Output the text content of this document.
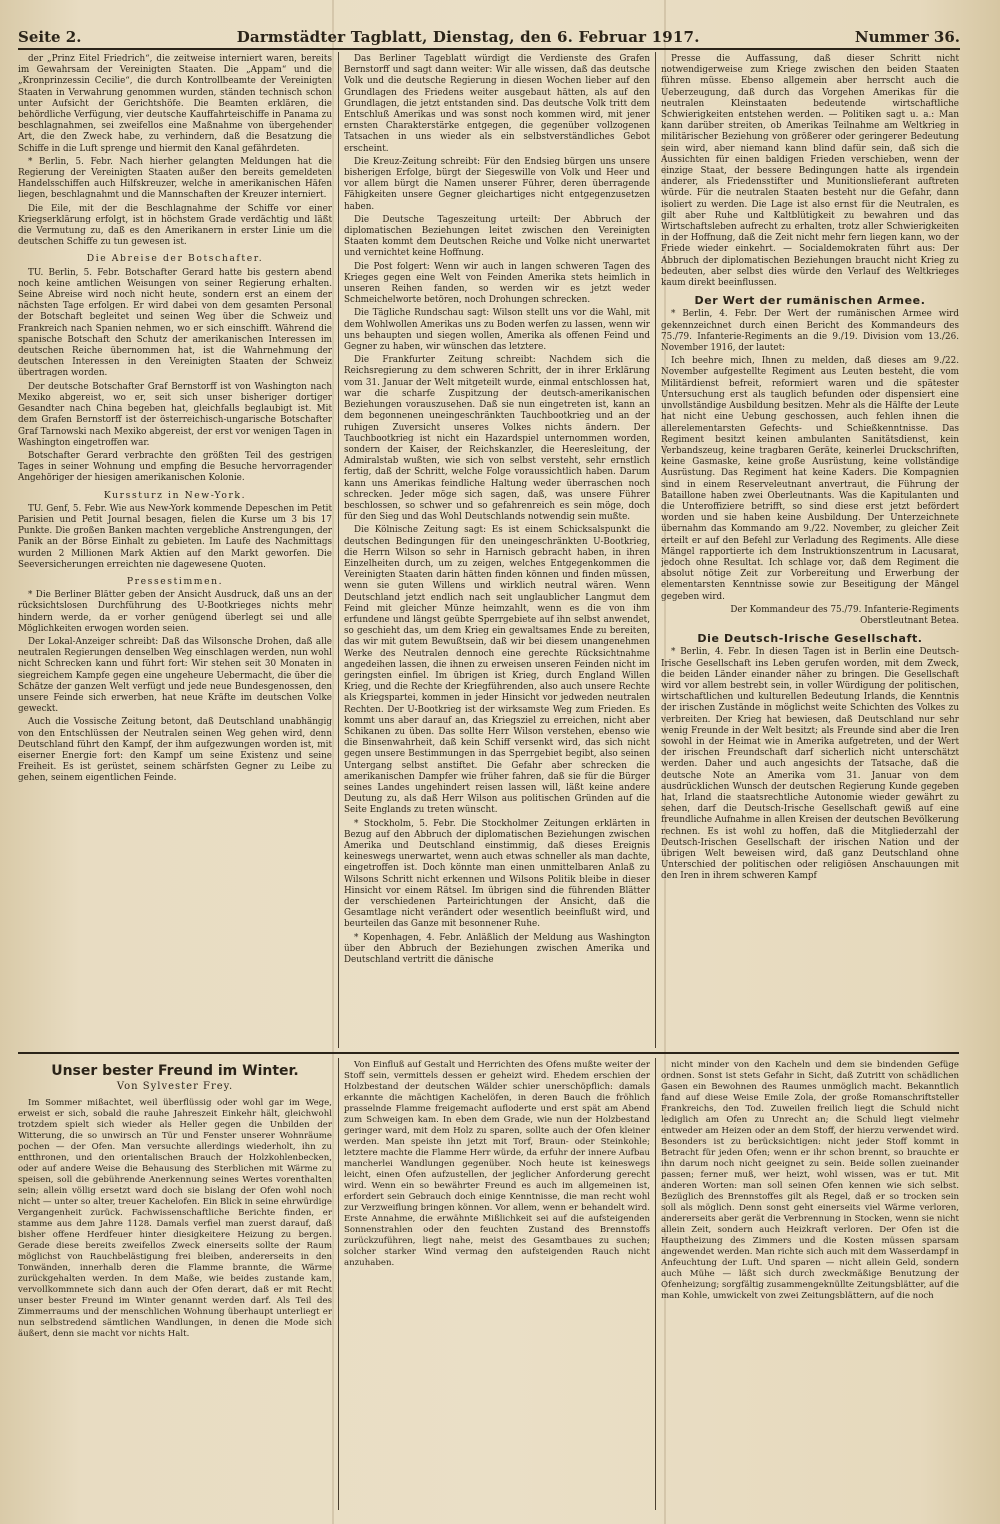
Seite 2.	Darmstädter Tagblatt, Dienstag, den 6. Februar 1917.	Nummer 36.

der „Prinz Eitel Friedrich“, die zeitweise interniert waren, bereits im Gewahrsam der Vereinigten Staaten. Die „Appam“ und die „Kronprinzessin Cecilie“, die durch Kontrollbeamte der Vereinigten Staaten in Verwahrung genommen wurden, ständen technisch schon unter Aufsicht der Gerichtshöfe. Die Beamten erklären, die behördliche Verfügung, vier deutsche Kauffahrteischiffe in Panama zu beschlagnahmen, sei zweifellos eine Maßnahme von übergehender Art, die den Zweck habe, zu verhindern, daß die Besatzung die Schiffe in die Luft sprenge und hiermit den Kanal gefährdeten.

* Berlin, 5. Febr. Nach hierher gelangten Meldungen hat die Regierung der Vereinigten Staaten außer den bereits gemeldeten Handelsschiffen auch Hilfskreuzer, welche in amerikanischen Häfen liegen, beschlagnahmt und die Mannschaften der Kreuzer interniert.

Die Eile, mit der die Beschlagnahme der Schiffe vor einer Kriegserklärung erfolgt, ist in höchstem Grade verdächtig und läßt die Vermutung zu, daß es den Amerikanern in erster Linie um die deutschen Schiffe zu tun gewesen ist.

Die Abreise der Botschafter.

TU. Berlin, 5. Febr. Botschafter Gerard hatte bis gestern abend noch keine amtlichen Weisungen von seiner Regierung erhalten. Seine Abreise wird noch nicht heute, sondern erst an einem der nächsten Tage erfolgen. Er wird dabei von dem gesamten Personal der Botschaft begleitet und seinen Weg über die Schweiz und Frankreich nach Spanien nehmen, wo er sich einschifft. Während die spanische Botschaft den Schutz der amerikanischen Interessen im deutschen Reiche übernommen hat, ist die Wahrnehmung der deutschen Interessen in den Vereinigten Staaten der Schweiz übertragen worden.

Der deutsche Botschafter Graf Bernstorff ist von Washington nach Mexiko abgereist, wo er, seit sich unser bisheriger dortiger Gesandter nach China begeben hat, gleichfalls beglaubigt ist. Mit dem Grafen Bernstorff ist der österreichisch-ungarische Botschafter Graf Tarnowski nach Mexiko abgereist, der erst vor wenigen Tagen in Washington eingetroffen war.

Botschafter Gerard verbrachte den größten Teil des gestrigen Tages in seiner Wohnung und empfing die Besuche hervorragender Angehöriger der hiesigen amerikanischen Kolonie.

Kurssturz in New-York.

TU. Genf, 5. Febr. Wie aus New-York kommende Depeschen im Petit Parisien und Petit Journal besagen, fielen die Kurse um 3 bis 17 Punkte. Die großen Banken machten vergebliche Anstrengungen, der Panik an der Börse Einhalt zu gebieten. Im Laufe des Nachmittags wurden 2 Millionen Mark Aktien auf den Markt geworfen. Die Seeversicherungen erreichten nie dagewesene Quoten.

Pressestimmen.

* Die Berliner Blätter geben der Ansicht Ausdruck, daß uns an der rücksichtslosen Durchführung des U-Bootkrieges nichts mehr hindern werde, da er vorher genügend überlegt sei und alle Möglichkeiten erwogen worden seien.

Der Lokal-Anzeiger schreibt: Daß das Wilsonsche Drohen, daß alle neutralen Regierungen denselben Weg einschlagen werden, nun wohl nicht Schrecken kann und führt fort: Wir stehen seit 30 Monaten in siegreichem Kampfe gegen eine ungeheure Uebermacht, die über die Schätze der ganzen Welt verfügt und jede neue Bundesgenossen, den unsere Feinde sich erwerben, hat neue Kräfte im deutschen Volke geweckt.

Auch die Vossische Zeitung betont, daß Deutschland unabhängig von den Entschlüssen der Neutralen seinen Weg gehen wird, denn Deutschland führt den Kampf, der ihm aufgezwungen worden ist, mit eiserner Energie fort: den Kampf um seine Existenz und seine Freiheit. Es ist gerüstet, seinem schärfsten Gegner zu Leibe zu gehen, seinem eigentlichen Feinde.

Das Berliner Tageblatt würdigt die Verdienste des Grafen Bernstorff und sagt dann weiter: Wir alle wissen, daß das deutsche Volk und die deutsche Regierung in diesen Wochen lieber auf den Grundlagen des Friedens weiter ausgebaut hätten, als auf den Grundlagen, die jetzt entstanden sind. Das deutsche Volk tritt dem Entschluß Amerikas und was sonst noch kommen wird, mit jener ernsten Charakterstärke entgegen, die gegenüber vollzogenen Tatsachen in uns wieder als ein selbstverständliches Gebot erscheint.

Die Kreuz-Zeitung schreibt: Für den Endsieg bürgen uns unsere bisherigen Erfolge, bürgt der Siegeswille von Volk und Heer und vor allem bürgt die Namen unserer Führer, deren überragende Fähigkeiten unsere Gegner gleichartiges nicht entgegenzusetzen haben.

Die Deutsche Tageszeitung urteilt: Der Abbruch der diplomatischen Beziehungen leitet zwischen den Vereinigten Staaten kommt dem Deutschen Reiche und Volke nicht unerwartet und vernichtet keine Hoffnung.

Die Post folgert: Wenn wir auch in langen schweren Tagen des Krieges gegen eine Welt von Feinden Amerika stets heimlich in unseren Reihen fanden, so werden wir es jetzt weder Schmeichelworte betören, noch Drohungen schrecken.

Die Tägliche Rundschau sagt: Wilson stellt uns vor die Wahl, mit dem Wohlwollen Amerikas uns zu Boden werfen zu lassen, wenn wir uns behaupten und siegen wollen, Amerika als offenen Feind und Gegner zu haben, wir wünschen das letztere.

Die Frankfurter Zeitung schreibt: Nachdem sich die Reichsregierung zu dem schweren Schritt, der in ihrer Erklärung vom 31. Januar der Welt mitgeteilt wurde, einmal entschlossen hat, war die scharfe Zuspitzung der deutsch-amerikanischen Beziehungen vorauszusehen. Daß sie nun eingetreten ist, kann an dem begonnenen uneingeschränkten Tauchbootkrieg und an der ruhigen Zuversicht unseres Volkes nichts ändern. Der Tauchbootkrieg ist nicht ein Hazardspiel unternommen worden, sondern der Kaiser, der Reichskanzler, die Heeresleitung, der Admiralstab wußten, wie sich von selbst versteht, sehr ernstlich fertig, daß der Schritt, welche Folge voraussichtlich haben. Darum kann uns Amerikas feindliche Haltung weder überraschen noch schrecken. Jeder möge sich sagen, daß, was unsere Führer beschlossen, so schwer und so gefahrenreich es sein möge, doch für den Sieg und das Wohl Deutschlands notwendig sein mußte.

Die Kölnische Zeitung sagt: Es ist einem Schicksalspunkt die deutschen Bedingungen für den uneingeschränkten U-Bootkrieg, die Herrn Wilson so sehr in Harnisch gebracht haben, in ihren Einzelheiten durch, um zu zeigen, welches Entgegenkommen die Vereinigten Staaten darin hätten finden können und finden müssen, wenn sie guten Willens und wirklich neutral wären. Wenn Deutschland jetzt endlich nach seit unglaublicher Langmut dem Feind mit gleicher Münze heimzahlt, wenn es die von ihm erfundene und längst geübte Sperrgebiete auf ihn selbst anwendet, so geschieht das, um dem Krieg ein gewaltsames Ende zu bereiten, das wir mit gutem Bewußtsein, daß wir bei diesem unangenehmen Werke des Neutralen dennoch eine gerechte Rücksichtnahme angedeihen lassen, die ihnen zu erweisen unseren Feinden nicht im geringsten einfiel. Im übrigen ist Krieg, durch England Willen Krieg, und die Rechte der Kriegführenden, also auch unsere Rechte als Kriegspartei, kommen in jeder Hinsicht vor jedweden neutralen Rechten. Der U-Bootkrieg ist der wirksamste Weg zum Frieden. Es kommt uns aber darauf an, das Kriegsziel zu erreichen, nicht aber Schikanen zu üben. Das sollte Herr Wilson verstehen, ebenso wie die Binsenwahrheit, daß kein Schiff versenkt wird, das sich nicht gegen unsere Bestimmungen in das Sperrgebiet begibt, also seinen Untergang selbst anstiftet. Die Gefahr aber schrecken die amerikanischen Dampfer wie früher fahren, daß sie für die Bürger seines Landes ungehindert reisen lassen will, läßt keine andere Deutung zu, als daß Herr Wilson aus politischen Gründen auf die Seite Englands zu treten wünscht.

* Stockholm, 5. Febr. Die Stockholmer Zeitungen erklärten in Bezug auf den Abbruch der diplomatischen Beziehungen zwischen Amerika und Deutschland einstimmig, daß dieses Ereignis keineswegs unerwartet, wenn auch etwas schneller als man dachte, eingetroffen ist. Doch könnte man einen unmittelbaren Anlaß zu Wilsons Schritt nicht erkennen und Wilsons Politik bleibe in dieser Hinsicht vor einem Rätsel. Im übrigen sind die führenden Blätter der verschiedenen Parteirichtungen der Ansicht, daß die Gesamtlage nicht verändert oder wesentlich beeinflußt wird, und beurteilen das Ganze mit besonnener Ruhe.

* Kopenhagen, 4. Febr. Anläßlich der Meldung aus Washington über den Abbruch der Beziehungen zwischen Amerika und Deutschland vertritt die dänische

Presse die Auffassung, daß dieser Schritt nicht notwendigerweise zum Kriege zwischen den beiden Staaten führen müsse. Ebenso allgemein aber herrscht auch die Ueberzeugung, daß durch das Vorgehen Amerikas für die neutralen Kleinstaaten bedeutende wirtschaftliche Schwierigkeiten entstehen werden. — Politiken sagt u. a.: Man kann darüber streiten, ob Amerikas Teilnahme am Weltkrieg in militärischer Beziehung von größerer oder geringerer Bedeutung sein wird, aber niemand kann blind dafür sein, daß sich die Aussichten für einen baldigen Frieden verschieben, wenn der einzige Staat, der bessere Bedingungen hatte als irgendein anderer, als Friedensstifter und Munitionslieferant auftreten würde. Für die neutralen Staaten besteht nur die Gefahr, dann isoliert zu werden. Die Lage ist also ernst für die Neutralen, es gilt aber Ruhe und Kaltblütigkeit zu bewahren und das Wirtschaftsleben aufrecht zu erhalten, trotz aller Schwierigkeiten in der Hoffnung, daß die Zeit nicht mehr fern liegen kann, wo der Friede wieder einkehrt. — Socialdemokraten führt aus: Der Abbruch der diplomatischen Beziehungen braucht nicht Krieg zu bedeuten, aber selbst dies würde den Verlauf des Weltkrieges kaum direkt beeinflussen.

Der Wert der rumänischen Armee.

* Berlin, 4. Febr. Der Wert der rumänischen Armee wird gekennzeichnet durch einen Bericht des Kommandeurs des 75./79. Infanterie-Regiments an die 9./19. Division vom 13./26. November 1916, der lautet:

Ich beehre mich, Ihnen zu melden, daß dieses am 9./22. November aufgestellte Regiment aus Leuten besteht, die vom Militärdienst befreit, reformiert waren und die spätester Untersuchung erst als tauglich befunden oder dispensiert eine unvollständige Ausbildung besitzen. Mehr als die Hälfte der Leute hat nicht eine Uebung geschossen, auch fehlen ihnen die allerelementarsten Gefechts- und Schießkenntnisse. Das Regiment besitzt keinen ambulanten Sanitätsdienst, kein Verbandszeug, keine tragbaren Geräte, keinerlei Druckschriften, keine Gasmaske, keine große Ausrüstung, keine vollständige Ausrüstung. Das Regiment hat keine Kaders. Die Kompagnien sind in einem Reserveleutnant anvertraut, die Führung der Bataillone haben zwei Oberleutnants. Was die Kapitulanten und die Unteroffiziere betrifft, so sind diese erst jetzt befördert worden und sie haben keine Ausbildung. Der Unterzeichnete übernahm das Kommando am 9./22. November, zu gleicher Zeit erteilt er auf den Befehl zur Verladung des Regiments. Alle diese Mängel rapportierte ich dem Instruktionszentrum in Lacusarat, jedoch ohne Resultat. Ich schlage vor, daß dem Regiment die absolut nötige Zeit zur Vorbereitung und Erwerbung der elementarsten Kenntnisse sowie zur Beseitigung der Mängel gegeben wird.

Der Kommandeur des 75./79. Infanterie-Regiments Oberstleutnant Betea.

Die Deutsch-Irische Gesellschaft.

* Berlin, 4. Febr. In diesen Tagen ist in Berlin eine Deutsch-Irische Gesellschaft ins Leben gerufen worden, mit dem Zweck, die beiden Länder einander näher zu bringen. Die Gesellschaft wird vor allem bestrebt sein, in voller Würdigung der politischen, wirtschaftlichen und kulturellen Bedeutung Irlands, die Kenntnis der irischen Zustände in möglichst weite Schichten des Volkes zu verbreiten. Der Krieg hat bewiesen, daß Deutschland nur sehr wenig Freunde in der Welt besitzt; als Freunde sind aber die Iren sowohl in der Heimat wie in Amerika aufgetreten, und der Wert der irischen Freundschaft darf sicherlich nicht unterschätzt werden. Daher und auch angesichts der Tatsache, daß die deutsche Note an Amerika vom 31. Januar von dem ausdrücklichen Wunsch der deutschen Regierung Kunde gegeben hat, Irland die staatsrechtliche Autonomie wieder gewährt zu sehen, darf die Deutsch-Irische Gesellschaft gewiß auf eine freundliche Aufnahme in allen Kreisen der deutschen Bevölkerung rechnen. Es ist wohl zu hoffen, daß die Mitgliederzahl der Deutsch-Irischen Gesellschaft der irischen Nation und der übrigen Welt beweisen wird, daß ganz Deutschland ohne Unterschied der politischen oder religiösen Anschauungen mit den Iren in ihrem schweren Kampf

Unser bester Freund im Winter.
Von Sylvester Frey.

Im Sommer mißachtet, weil überflüssig oder wohl gar im Wege, erweist er sich, sobald die rauhe Jahreszeit Einkehr hält, gleichwohl trotzdem spielt sich wieder als Heller gegen die Unbilden der Witterung, die so unwirsch an Tür und Fenster unserer Wohnräume pochen — der Ofen. Man versuchte allerdings wiederholt, ihn zu entthronen, und den orientalischen Brauch der Holzkohlenbecken, oder auf andere Weise die Behausung des Sterblichen mit Wärme zu speisen, soll die gebührende Anerkennung seines Wertes vorenthalten sein; allein völlig ersetzt ward doch sie bislang der Ofen wohl noch nicht — unter so alter, treuer Kachelofen. Ein Blick in seine ehrwürdige Vergangenheit zurück. Fachwissenschaftliche Berichte finden, er stamme aus dem Jahre 1128. Damals verfiel man zuerst darauf, daß bisher offene Herdfeuer hinter diesigkeitere Heizung zu bergen. Gerade diese bereits zweifellos Zweck einerseits sollte der Raum möglichst von Rauchbelästigung frei bleiben, andererseits in den Tonwänden, innerhalb deren die Flamme brannte, die Wärme zurückgehalten werden. In dem Maße, wie beides zustande kam, vervollkommnete sich dann auch der Ofen derart, daß er mit Recht unser bester Freund im Winter genannt werden darf. Als Teil des Zimmerraums und der menschlichen Wohnung überhaupt unterliegt er nun selbstredend sämtlichen Wandlungen, in denen die Mode sich äußert, denn sie macht vor nichts Halt.

Von Einfluß auf Gestalt und Herrichten des Ofens mußte weiter der Stoff sein, vermittels dessen er geheizt wird. Ehedem erschien der Holzbestand der deutschen Wälder schier unerschöpflich: damals erkannte die mächtigen Kachelöfen, in deren Bauch die fröhlich prasselnde Flamme freigemacht aufloderte und erst spät am Abend zum Schweigen kam. In eben dem Grade, wie nun der Holzbestand geringer ward, mit dem Holz zu sparen, sollte auch der Ofen kleiner werden. Man speiste ihn jetzt mit Torf, Braun- oder Steinkohle; letztere machte die Flamme Herr würde, da erfuhr der innere Aufbau mancherlei Wandlungen gegenüber. Noch heute ist keineswegs leicht, einen Ofen aufzustellen, der jeglicher Anforderung gerecht wird. Wenn ein so bewährter Freund es auch im allgemeinen ist, erfordert sein Gebrauch doch einige Kenntnisse, die man recht wohl zur Verzweiflung bringen können. Vor allem, wenn er behandelt wird. Erste Annahme, die erwähnte Mißlichkeit sei auf die aufsteigenden Sonnenstrahlen oder den feuchten Zustand des Brennstoffs zurückzuführen, liegt nahe, meist des Gesamtbaues zu suchen; solcher starker Wind vermag den aufsteigenden Rauch nicht anzuhaben.

nicht minder von den Kacheln und dem sie bindenden Gefüge ordnen. Sonst ist stets Gefahr in Sicht, daß Zutritt von schädlichen Gasen ein Bewohnen des Raumes unmöglich macht. Bekanntlich fand auf diese Weise Emile Zola, der große Romanschriftsteller Frankreichs, den Tod. Zuweilen freilich liegt die Schuld nicht lediglich am Ofen zu Unrecht an; die Schuld liegt vielmehr entweder am Heizen oder an dem Stoff, der hierzu verwendet wird. Besonders ist zu berücksichtigen: nicht jeder Stoff kommt in Betracht für jeden Ofen; wenn er ihr schon brennt, so brauchte er ihn darum noch nicht geeignet zu sein. Beide sollen zueinander passen; ferner muß, wer heizt, wohl wissen, was er tut. Mit anderen Worten: man soll seinen Ofen kennen wie sich selbst. Bezüglich des Brennstoffes gilt als Regel, daß er so trocken sein soll als möglich. Denn sonst geht einerseits viel Wärme verloren, andererseits aber gerät die Verbrennung in Stocken, wenn sie nicht allein Zeit, sondern auch Heizkraft verloren. Der Ofen ist die Hauptheizung des Zimmers und die Kosten müssen sparsam angewendet werden. Man richte sich auch mit dem Wasserdampf in Anfeuchtung der Luft. Und sparen — nicht allein Geld, sondern auch Mühe — läßt sich durch zweckmäßige Benutzung der Ofenheizung; sorgfältig zusammengeknüllte Zeitungsblätter, auf die man Kohle, umwickelt von zwei Zeitungsblättern, auf die noch
